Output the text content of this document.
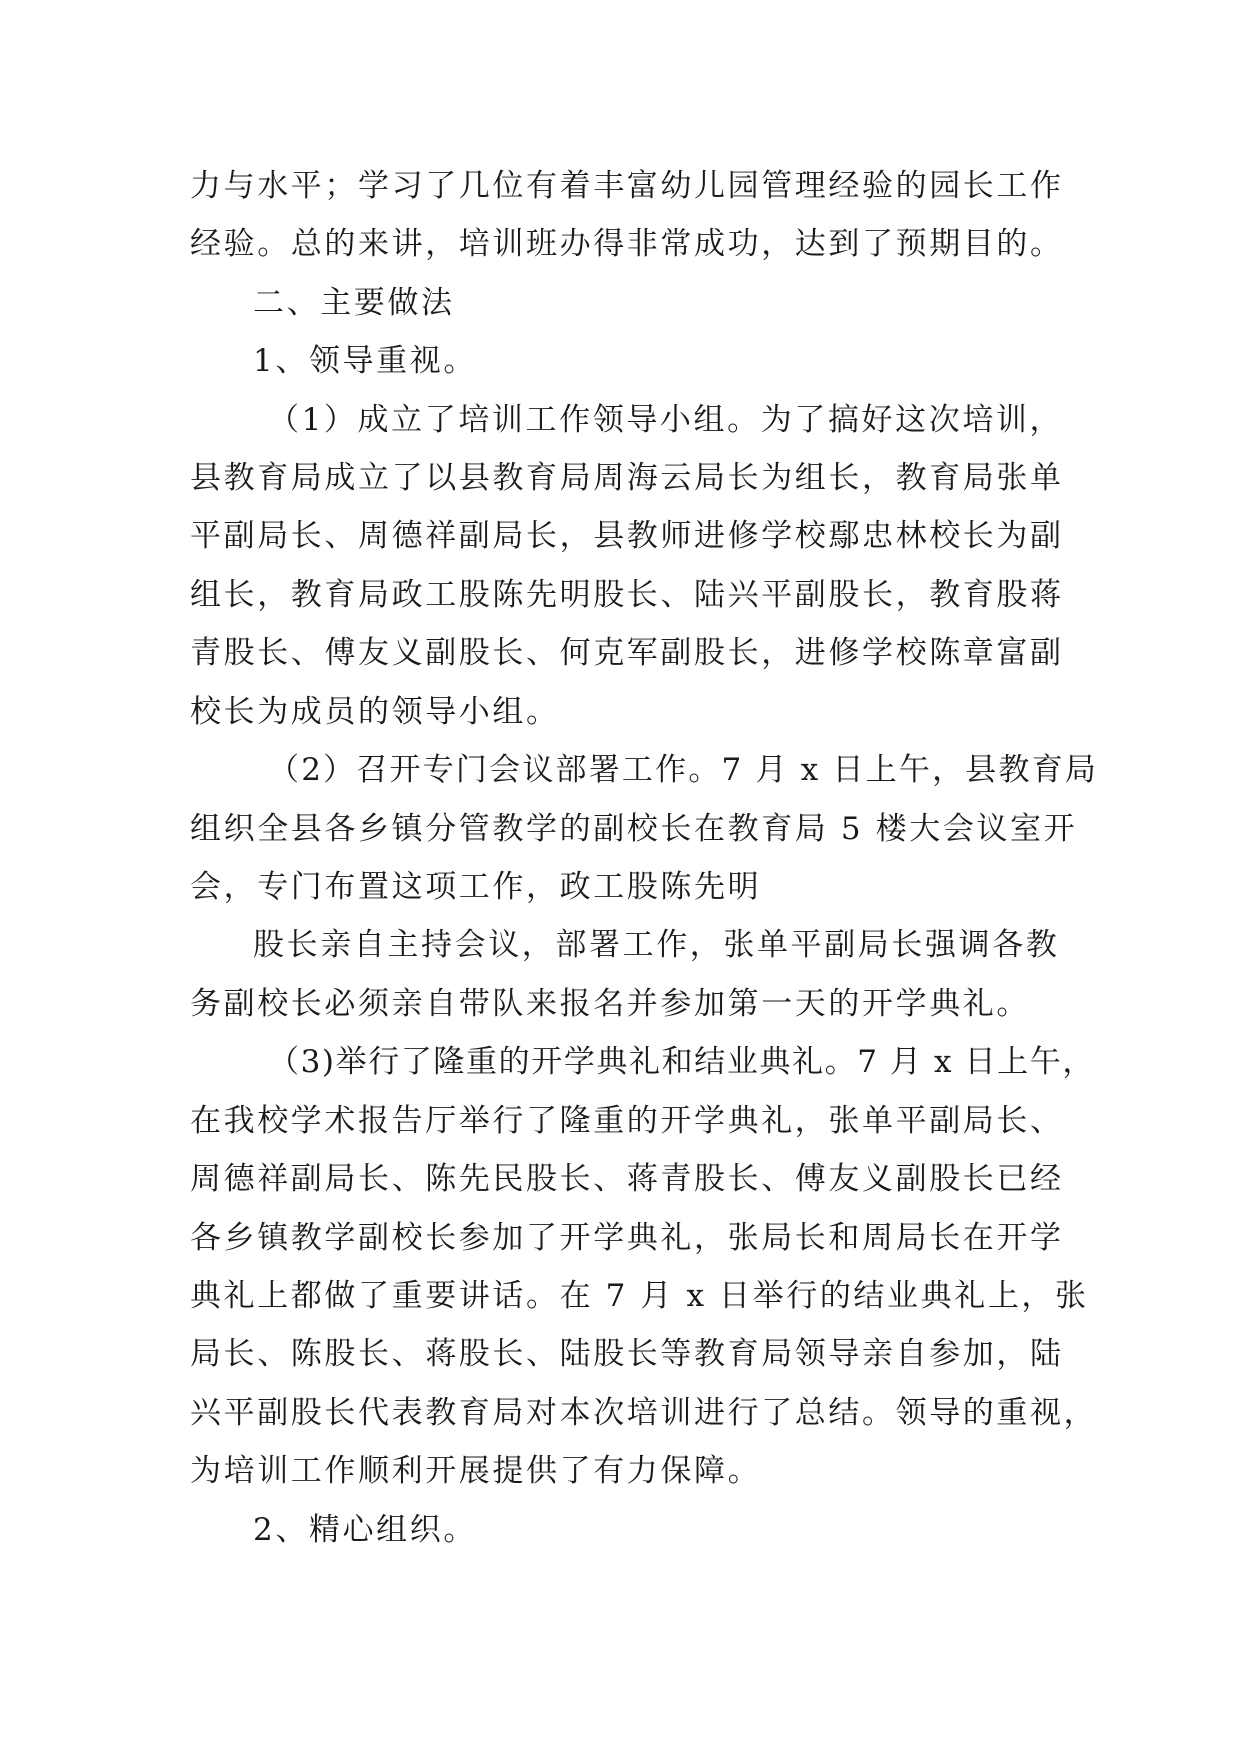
力与水平；学习了几位有着丰富幼儿园管理经验的园长工作
经验。总的来讲，培训班办得非常成功，达到了预期目的。
二、主要做法
1、领导重视。
（1）成立了培训工作领导小组。为了搞好这次培训，
县教育局成立了以县教育局周海云局长为组长，教育局张单
平副局长、周德祥副局长，县教师进修学校鄢忠林校长为副
组长，教育局政工股陈先明股长、陆兴平副股长，教育股蒋
青股长、傅友义副股长、何克军副股长，进修学校陈章富副
校长为成员的领导小组。
（2）召开专门会议部署工作。7 月 x 日上午，县教育局
组织全县各乡镇分管教学的副校长在教育局 5 楼大会议室开
会，专门布置这项工作，政工股陈先明
股长亲自主持会议，部署工作，张单平副局长强调各教
务副校长必须亲自带队来报名并参加第一天的开学典礼。
（3)举行了隆重的开学典礼和结业典礼。7 月 x 日上午，
在我校学术报告厅举行了隆重的开学典礼，张单平副局长、
周德祥副局长、陈先民股长、蒋青股长、傅友义副股长已经
各乡镇教学副校长参加了开学典礼，张局长和周局长在开学
典礼上都做了重要讲话。在 7 月 x 日举行的结业典礼上，张
局长、陈股长、蒋股长、陆股长等教育局领导亲自参加，陆
兴平副股长代表教育局对本次培训进行了总结。领导的重视，
为培训工作顺利开展提供了有力保障。
2、精心组织。
